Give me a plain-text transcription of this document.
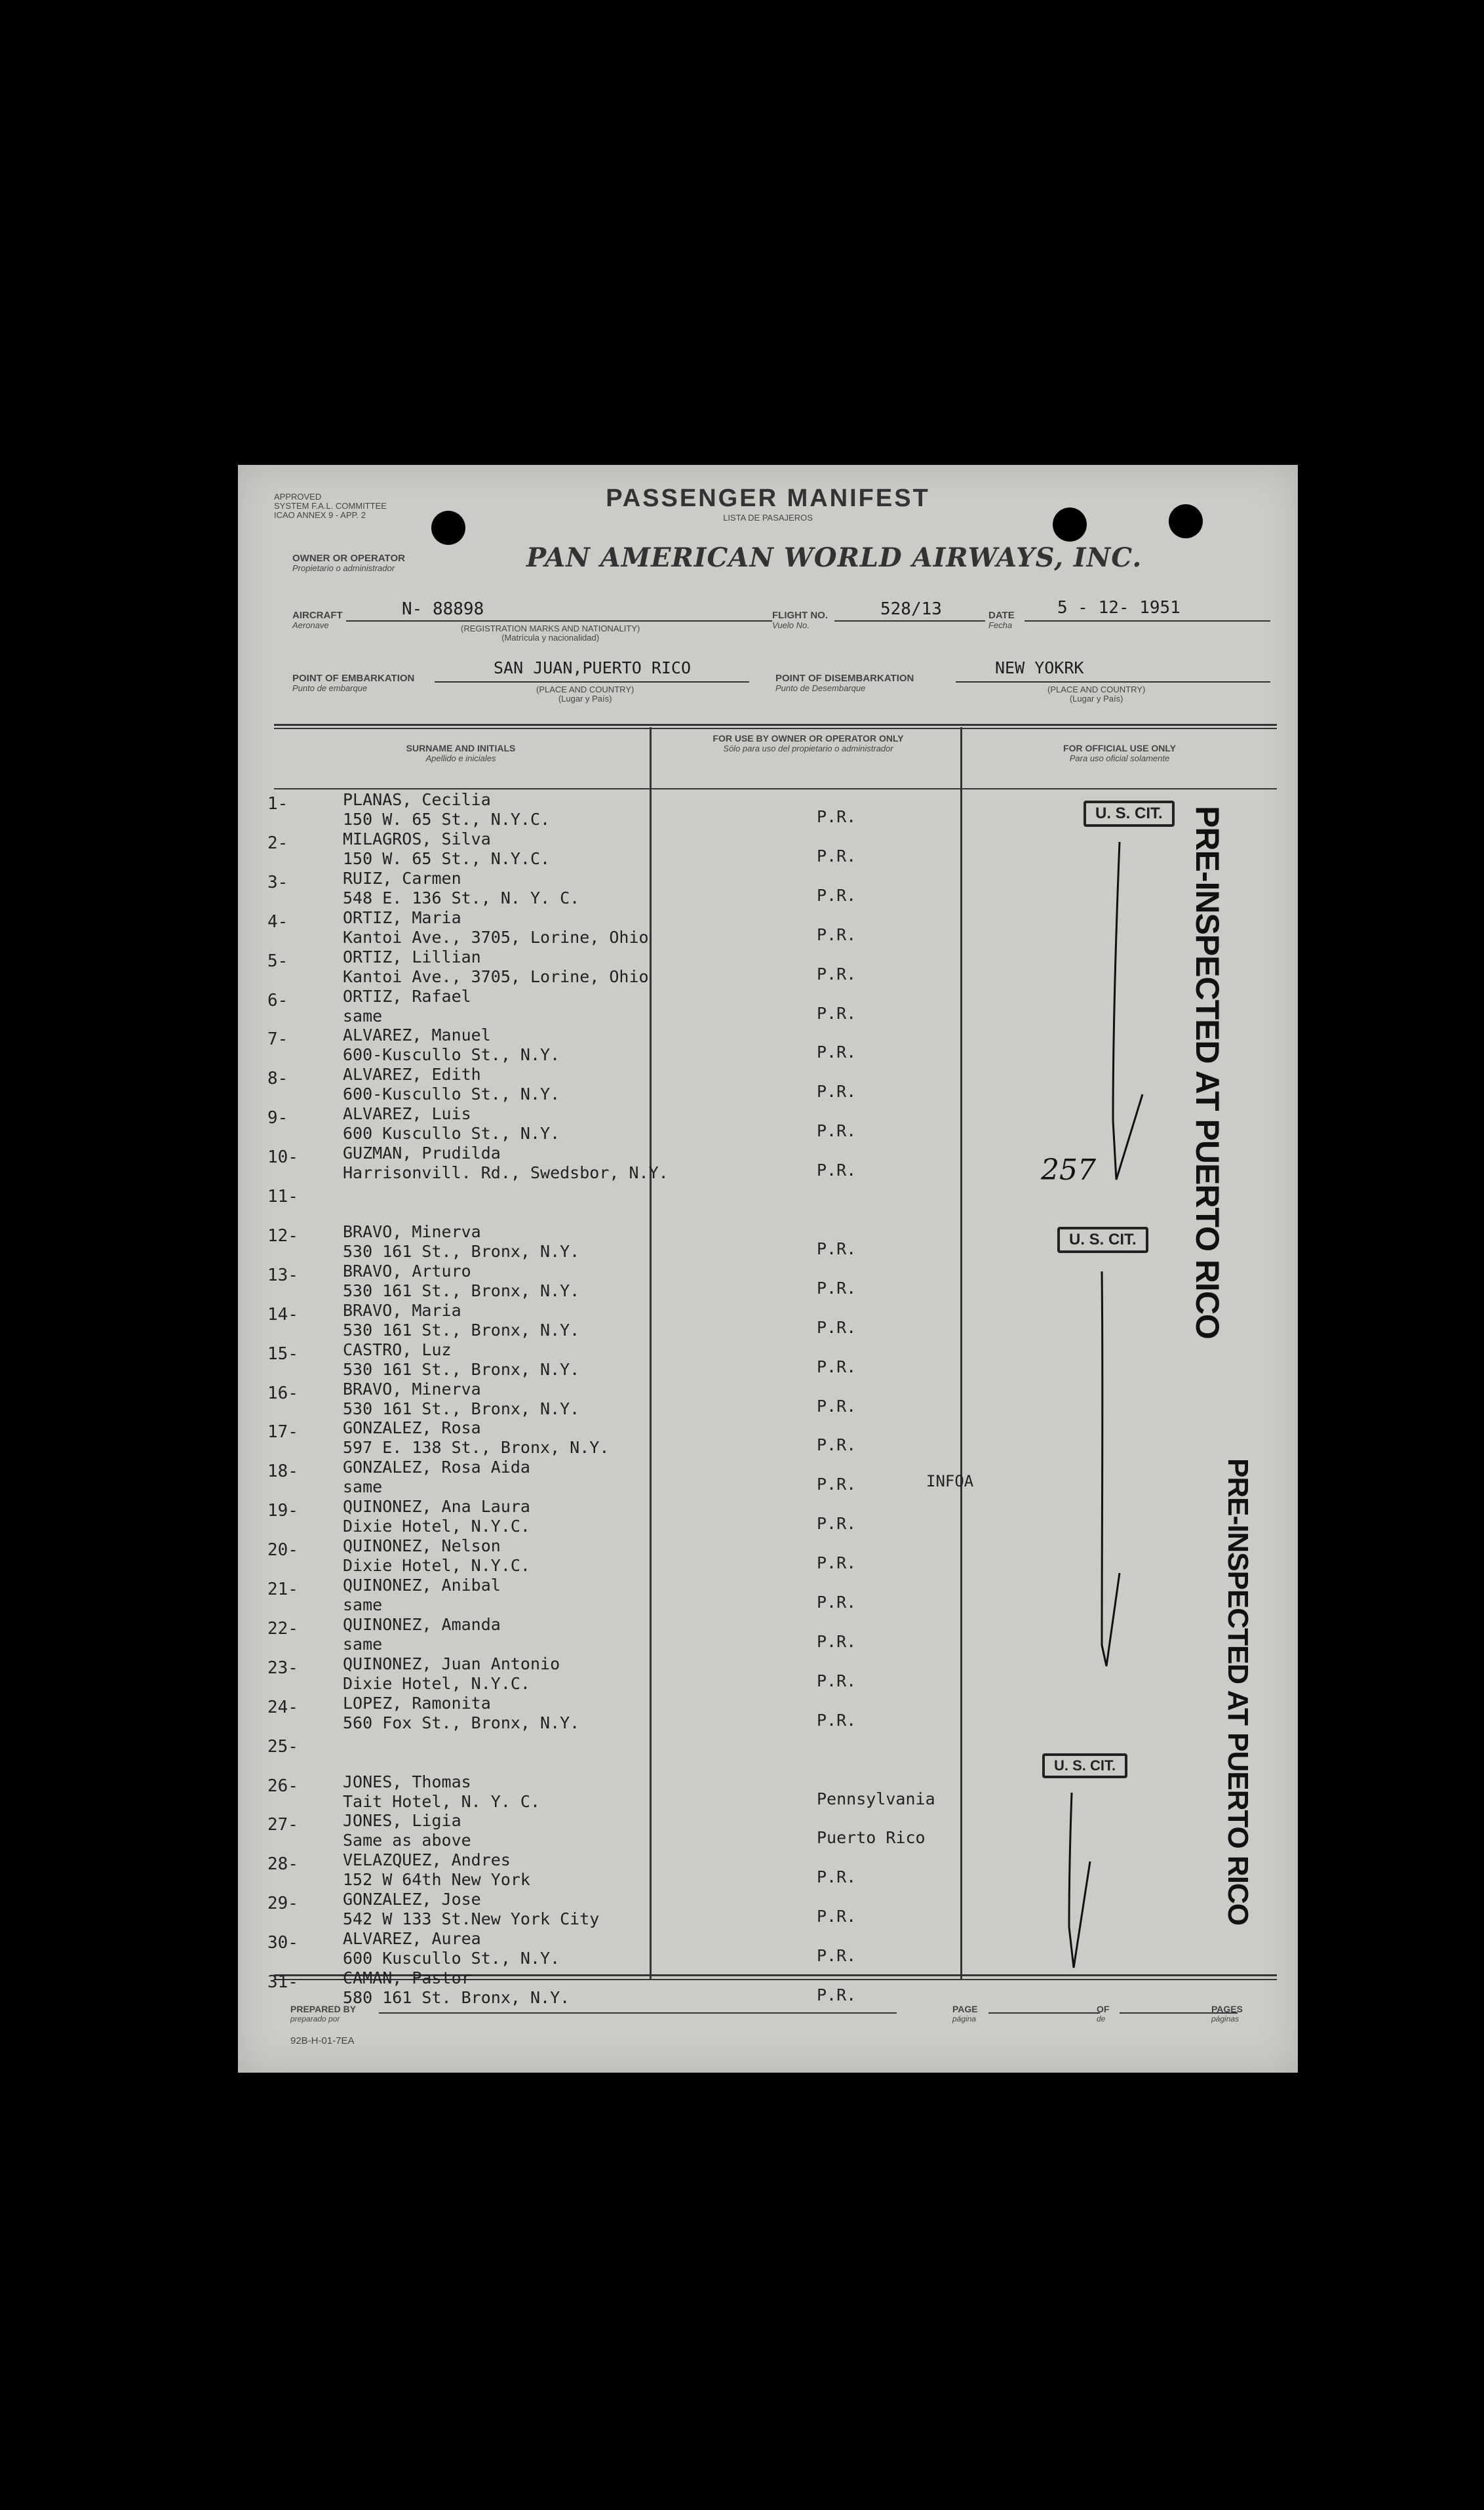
APPROVED
SYSTEM F.A.L. COMMITTEE
ICAO ANNEX 9 - APP. 2
PASSENGER MANIFEST
LISTA DE PASAJEROS
OWNER OR OPERATOR
Propietario o administrador	PAN AMERICAN WORLD AIRWAYS, INC.
AIRCRAFT
Aeronave
N- 88898
(REGISTRATION MARKS AND NATIONALITY)
(Matrícula y nacionalidad)
FLIGHT NO.
Vuelo No.
528/13	DATE
Fecha
5 - 12- 1951
POINT OF EMBARKATION
Punto de embarque
SAN JUAN,PUERTO RICO
(PLACE AND COUNTRY)
(Lugar y País)
POINT OF DISEMBARKATION
Punto de Desembarque
NEW YOKRK
(PLACE AND COUNTRY)
(Lugar y País)
SURNAME AND INITIALS
Apellido e iniciales
FOR USE BY OWNER OR OPERATOR ONLY
Sólo para uso del propietario o administrador	FOR OFFICIAL USE ONLY
Para uso oficial solamente
1-	PLANAS, Cecilia
150 W. 65 St., N.Y.C.	P.R.
2-	MILAGROS, Silva
150 W. 65 St., N.Y.C.	P.R.
3-	RUIZ, Carmen
548 E. 136 St., N. Y. C.	P.R.
4-	ORTIZ, Maria
Kantoi Ave., 3705, Lorine, Ohio	P.R.
5-	ORTIZ, Lillian
Kantoi Ave., 3705, Lorine, Ohio	P.R.
6-	ORTIZ, Rafael
same	P.R.
7-	ALVAREZ, Manuel
600-Kuscullo St., N.Y.	P.R.
8-	ALVAREZ, Edith
600-Kuscullo St., N.Y.	P.R.
9-	ALVAREZ, Luis
600 Kuscullo St., N.Y.	P.R.
10-	GUZMAN, Prudilda
Harrisonvill. Rd., Swedsbor, N.Y.	P.R.
11-
12-	BRAVO, Minerva
530 161 St., Bronx, N.Y.	P.R.
13-	BRAVO, Arturo
530 161 St., Bronx, N.Y.	P.R.
14-	BRAVO, Maria
530 161 St., Bronx, N.Y.	P.R.
15-	CASTRO, Luz
530 161 St., Bronx, N.Y.	P.R.
16-	BRAVO, Minerva
530 161 St., Bronx, N.Y.	P.R.
17-	GONZALEZ, Rosa
597 E. 138 St., Bronx, N.Y.	P.R.
18-	GONZALEZ, Rosa Aida
same	P.R.	INFOA
19-	QUINONEZ, Ana Laura
Dixie Hotel, N.Y.C.	P.R.
20-	QUINONEZ, Nelson
Dixie Hotel, N.Y.C.	P.R.
21-	QUINONEZ, Anibal
same	P.R.
22-	QUINONEZ, Amanda
same	P.R.
23-	QUINONEZ, Juan Antonio
Dixie Hotel, N.Y.C.	P.R.
24-	LOPEZ, Ramonita
560 Fox St., Bronx, N.Y.	P.R.
25-
26-	JONES, Thomas
Tait Hotel, N. Y. C.	Pennsylvania
27-	JONES, Ligia
Same as above	Puerto Rico
28-	VELAZQUEZ, Andres
152 W 64th New York	P.R.
29-	GONZALEZ, Jose
542 W 133 St.New York City	P.R.
30-	ALVAREZ, Aurea
600 Kuscullo St., N.Y.	P.R.
31-	CAMAN, Pastor
580 161 St. Bronx, N.Y.	P.R.
U. S. CIT.
U. S. CIT.
U. S. CIT.
PRE-INSPECTED AT PUERTO RICO
PRE-INSPECTED AT PUERTO RICO
257
PREPARED BY
preparado por
PAGE
página
OF
de
PAGES
páginas
92B-H-01-7EA
